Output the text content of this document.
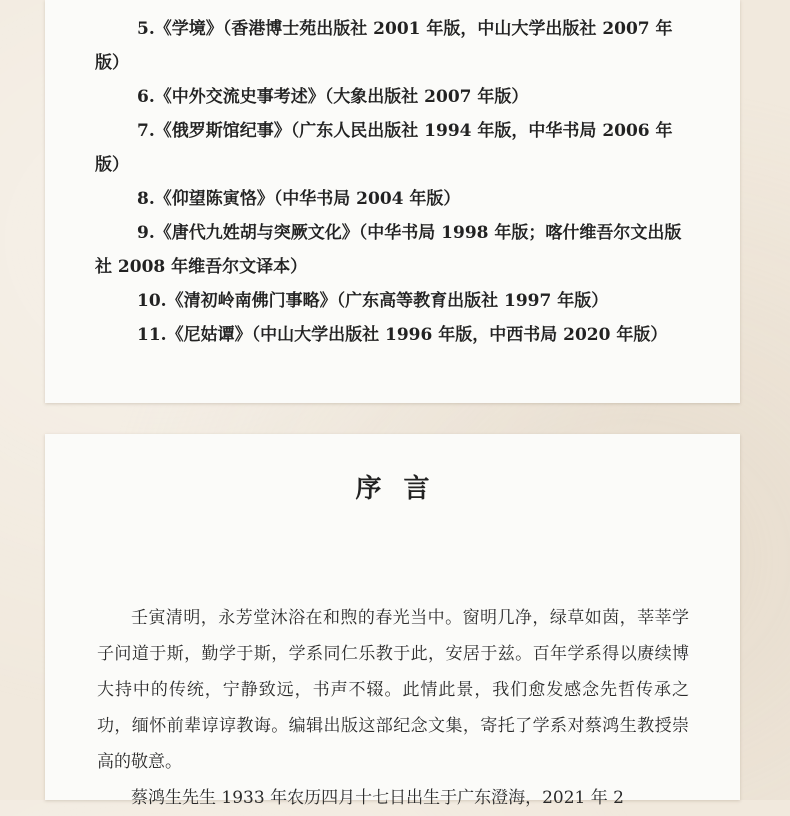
5.《学境》（香港博士苑出版社 2001 年版，中山大学出版社 2007 年版）
6.《中外交流史事考述》（大象出版社 2007 年版）
7.《俄罗斯馆纪事》（广东人民出版社 1994 年版，中华书局 2006 年版）
8.《仰望陈寅恪》（中华书局 2004 年版）
9.《唐代九姓胡与突厥文化》（中华书局 1998 年版；喀什维吾尔文出版社 2008 年维吾尔文译本）
10.《清初岭南佛门事略》（广东高等教育出版社 1997 年版）
11.《尼姑谭》（中山大学出版社 1996 年版，中西书局 2020 年版）
序言

壬寅清明，永芳堂沐浴在和煦的春光当中。窗明几净，绿草如茵，莘莘学子问道于斯，勤学于斯，学系同仁乐教于此，安居于兹。百年学系得以赓续博大持中的传统，宁静致远，书声不辍。此情此景，我们愈发感念先哲传承之功，缅怀前辈谆谆教诲。编辑出版这部纪念文集，寄托了学系对蔡鸿生教授崇高的敬意。

蔡鸿生先生 1933 年农历四月十七日出生于广东澄海，2021 年 2
